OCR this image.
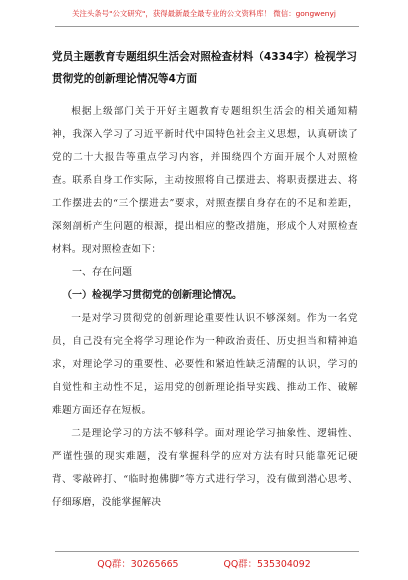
关注头条号"公文研究"，获得最新最全最专业的公文资料库！ 微信：gongwenyj

党员主题教育专题组织生活会对照检查材料（4334字）检视学习贯彻党的创新理论情况等4方面

根据上级部门关于开好主题教育专题组织生活会的相关通知精神，我深入学习了习近平新时代中国特色社会主义思想，认真研读了党的二十大报告等重点学习内容，并围绕四个方面开展个人对照检查。联系自身工作实际，主动按照将自己摆进去、将职责摆进去、将工作摆进去的“三个摆进去”要求，对照查摆自身存在的不足和差距，深刻剖析产生问题的根源，提出相应的整改措施，形成个人对照检查材料。现对照检查如下：

一、存在问题

（一）检视学习贯彻党的创新理论情况。

一是对学习贯彻党的创新理论重要性认识不够深刻。作为一名党员，自己没有完全将学习理论作为一种政治责任、历史担当和精神追求，对理论学习的重要性、必要性和紧迫性缺乏清醒的认识，学习的自觉性和主动性不足，运用党的创新理论指导实践、推动工作、破解难题方面还存在短板。

二是理论学习的方法不够科学。面对理论学习抽象性、逻辑性、严谨性强的现实难题，没有掌握科学的应对方法有时只能靠死记硬背、零敲碎打、“临时抱佛脚”等方式进行学习，没有做到潜心思考、仔细琢磨，没能掌握解决

QQ群：30265665	QQ群：535304092
